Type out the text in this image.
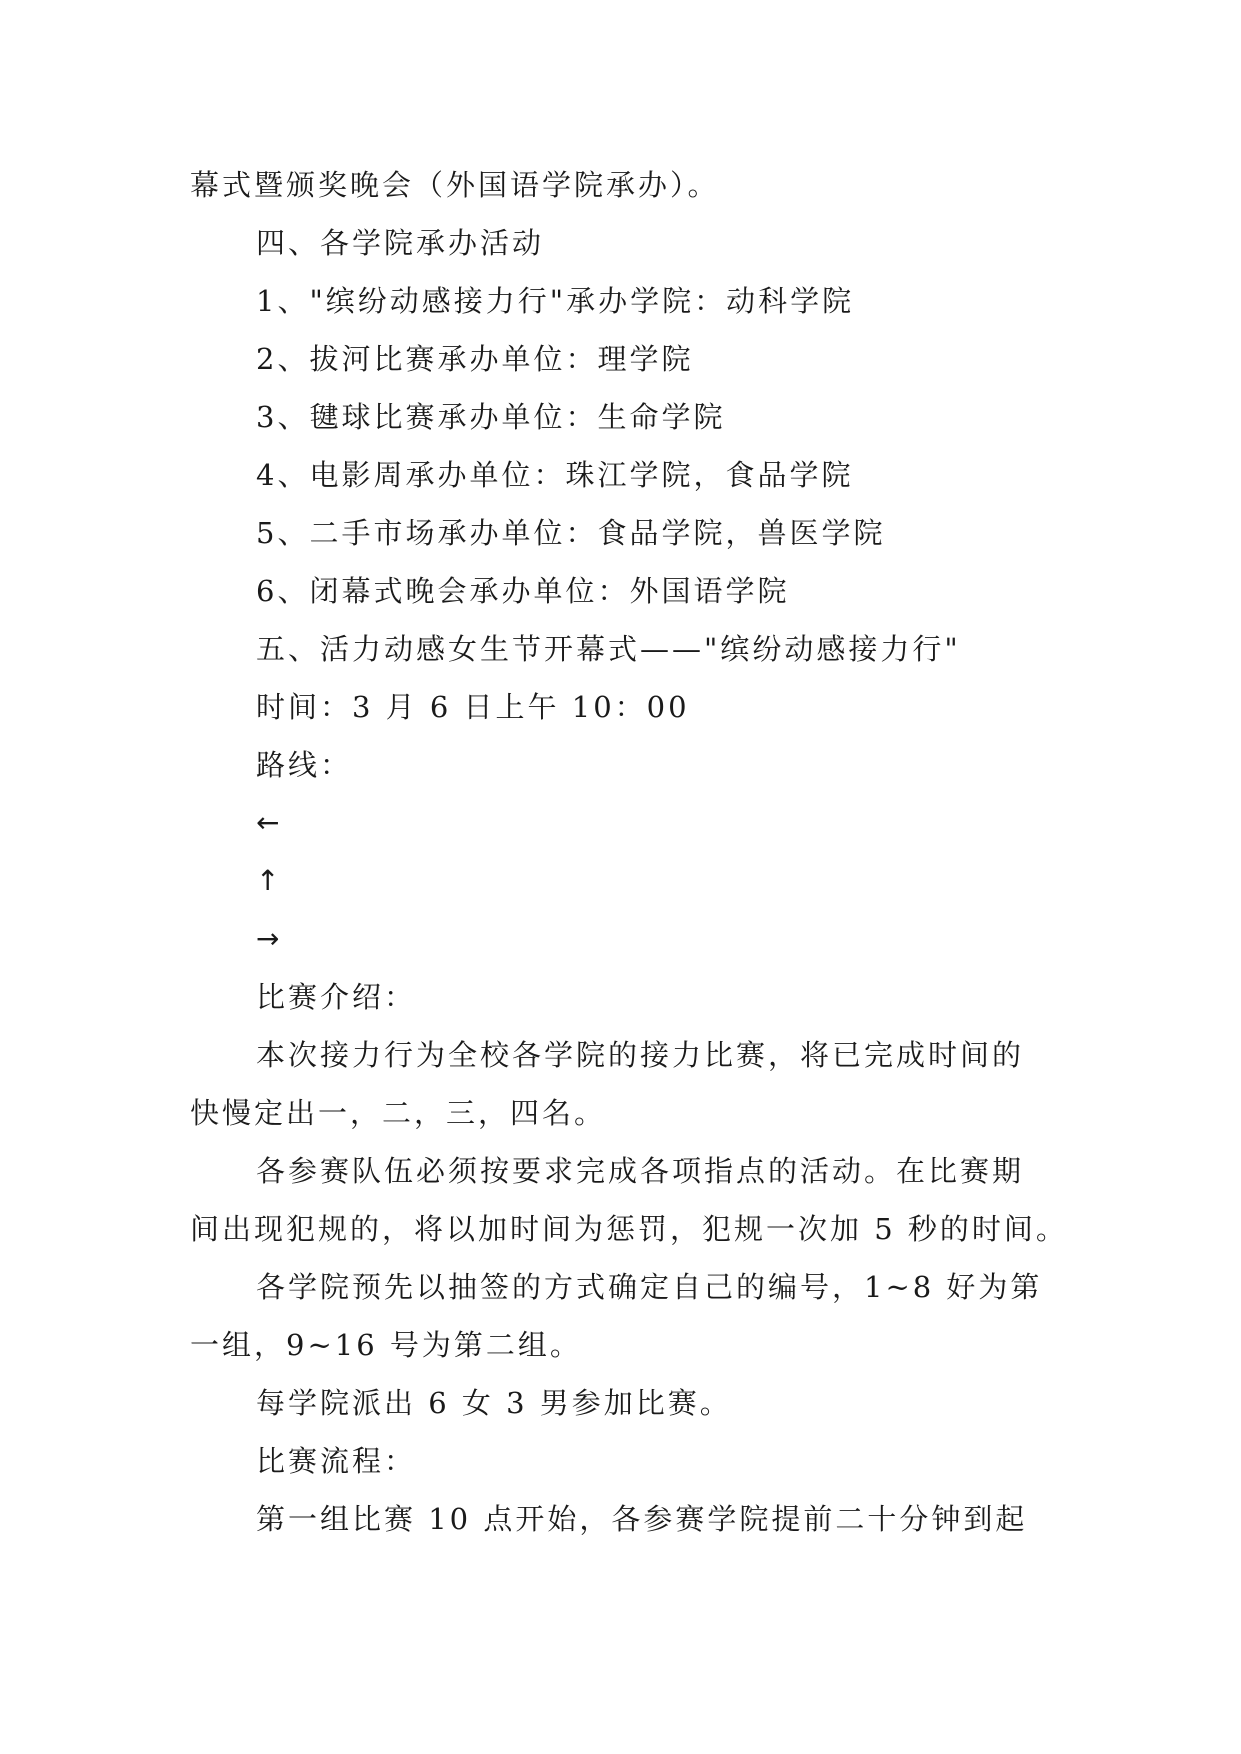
幕式暨颁奖晚会（外国语学院承办）。
四、各学院承办活动
1、"缤纷动感接力行"承办学院：动科学院
2、拔河比赛承办单位：理学院
3、毽球比赛承办单位：生命学院
4、电影周承办单位：珠江学院，食品学院
5、二手市场承办单位：食品学院，兽医学院
6、闭幕式晚会承办单位：外国语学院
五、活力动感女生节开幕式——"缤纷动感接力行"
时间：3 月 6 日上午 10：00
路线：
←
↑
→
比赛介绍：
本次接力行为全校各学院的接力比赛，将已完成时间的
快慢定出一，二，三，四名。
各参赛队伍必须按要求完成各项指点的活动。在比赛期
间出现犯规的，将以加时间为惩罚，犯规一次加 5 秒的时间。
各学院预先以抽签的方式确定自己的编号，1~8 好为第
一组，9~16 号为第二组。
每学院派出 6 女 3 男参加比赛。
比赛流程：
第一组比赛 10 点开始，各参赛学院提前二十分钟到起
